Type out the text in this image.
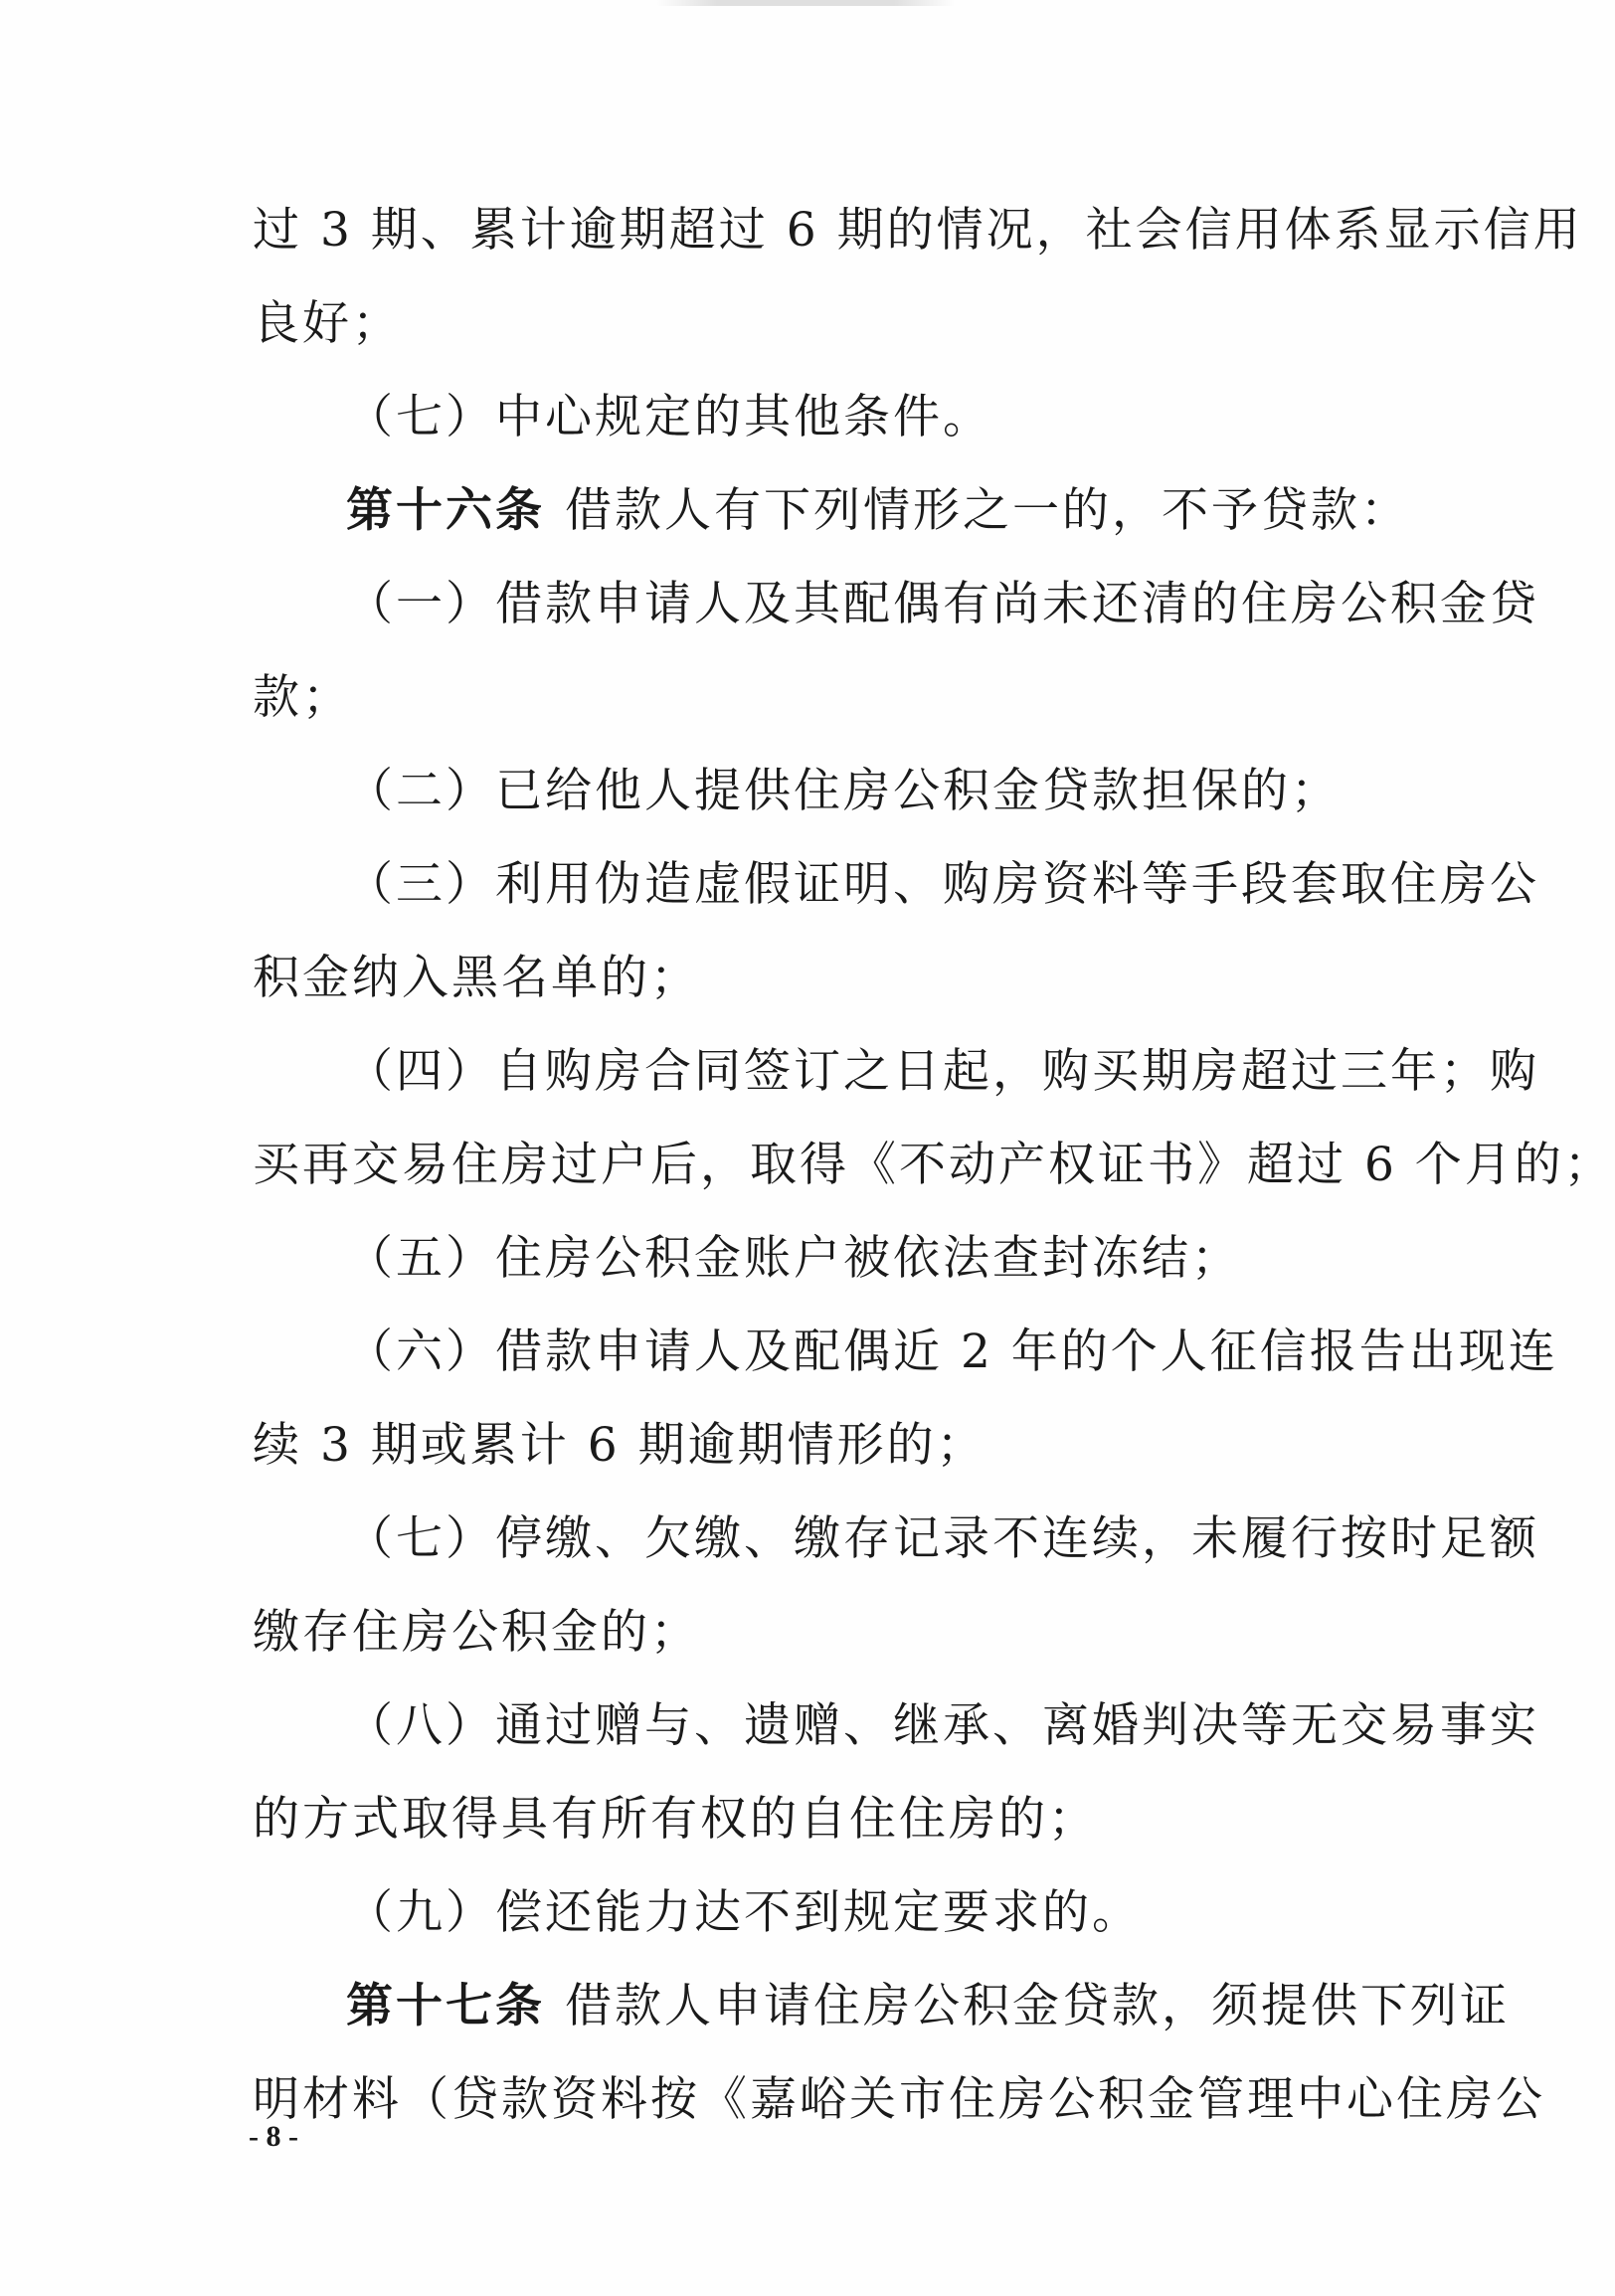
过 3 期、累计逾期超过 6 期的情况，社会信用体系显示信用
良好；
（七）中心规定的其他条件。
第十六条 借款人有下列情形之一的，不予贷款：
（一）借款申请人及其配偶有尚未还清的住房公积金贷
款；
（二）已给他人提供住房公积金贷款担保的；
（三）利用伪造虚假证明、购房资料等手段套取住房公
积金纳入黑名单的；
（四）自购房合同签订之日起，购买期房超过三年；购
买再交易住房过户后，取得《不动产权证书》超过 6 个月的；
（五）住房公积金账户被依法查封冻结；
（六）借款申请人及配偶近 2 年的个人征信报告出现连
续 3 期或累计 6 期逾期情形的；
（七）停缴、欠缴、缴存记录不连续，未履行按时足额
缴存住房公积金的；
（八）通过赠与、遗赠、继承、离婚判决等无交易事实
的方式取得具有所有权的自住住房的；
（九）偿还能力达不到规定要求的。
第十七条 借款人申请住房公积金贷款，须提供下列证
明材料（贷款资料按《嘉峪关市住房公积金管理中心住房公
- 8 -
